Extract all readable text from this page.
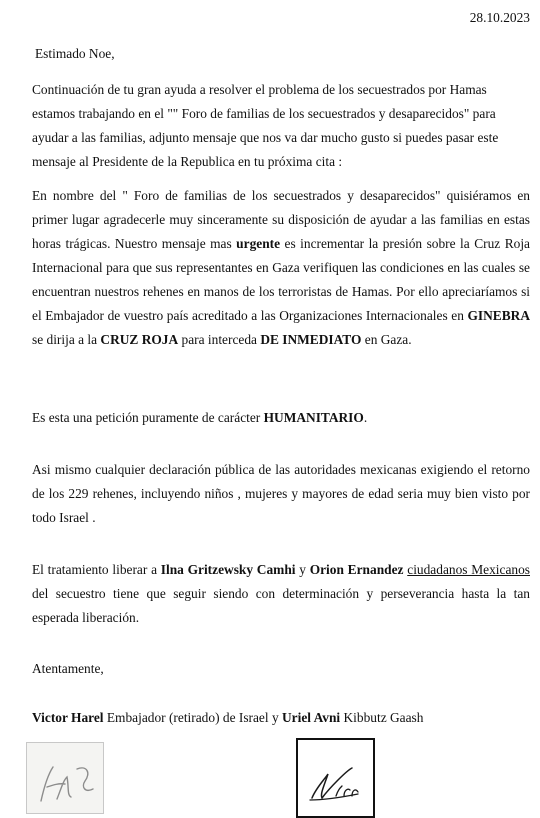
28.10.2023
Estimado Noe,
Continuación de tu gran ayuda a resolver el problema de los secuestrados por Hamas estamos trabajando en el "" Foro de familias de los secuestrados y desaparecidos" para ayudar a las familias, adjunto mensaje que nos va dar mucho gusto si puedes pasar este mensaje al Presidente de la Republica en tu próxima cita :
En nombre del " Foro de familias de los secuestrados y desaparecidos" quisiéramos en primer lugar agradecerle muy sinceramente su disposición de ayudar a las familias en estas horas trágicas. Nuestro mensaje mas urgente es incrementar la presión sobre la Cruz Roja Internacional para que sus representantes en Gaza verifiquen las condiciones en las cuales se encuentran nuestros rehenes en manos de los terroristas de Hamas. Por ello apreciaríamos si el Embajador de vuestro país acreditado a las Organizaciones Internacionales en GINEBRA se dirija a la CRUZ ROJA para interceda DE INMEDIATO en Gaza.
Es esta una petición puramente de carácter HUMANITARIO.
Asi mismo cualquier declaración pública de las autoridades mexicanas exigiendo el retorno de los 229 rehenes, incluyendo niños , mujeres y mayores de edad seria muy bien visto por todo Israel .
El tratamiento liberar a Ilna Gritzewsky Camhi y Orion Ernandez ciudadanos Mexicanos del secuestro tiene que seguir siendo con determinación y perseverancia hasta la tan esperada liberación.
Atentamente,
Victor Harel Embajador (retirado) de Israel y Uriel Avni Kibbutz Gaash
